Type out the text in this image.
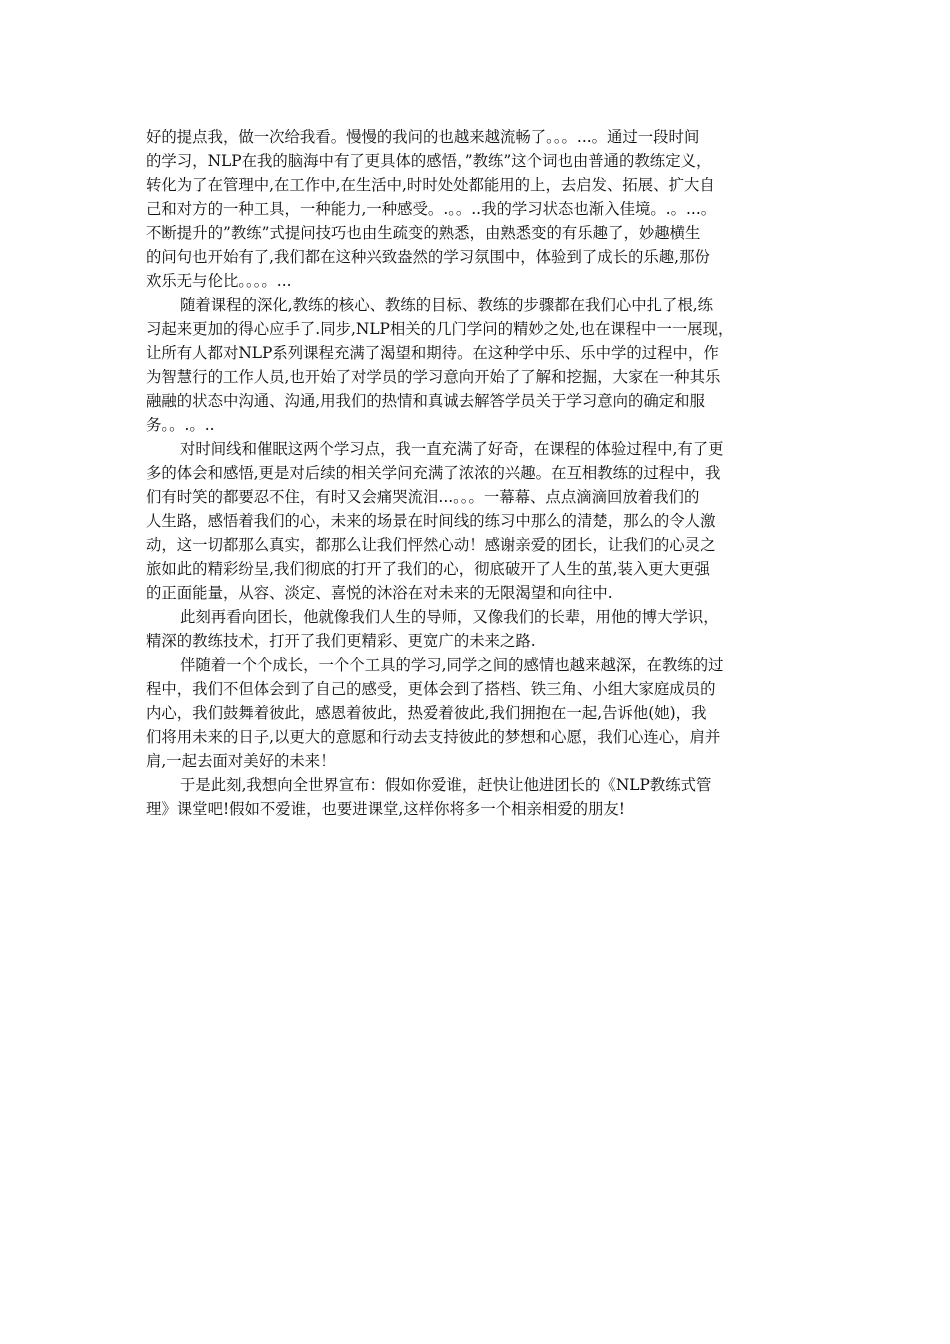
好的提点我，做一次给我看。慢慢的我问的也越来越流畅了。。。...。通过一段时间
的学习，NLP在我的脑海中有了更具体的感悟，”教练”这个词也由普通的教练定义，
转化为了在管理中,在工作中,在生活中,时时处处都能用的上，去启发、拓展、扩大自
己和对方的一种工具，一种能力,一种感受。.。。..我的学习状态也渐入佳境。.。...。
不断提升的”教练”式提问技巧也由生疏变的熟悉，由熟悉变的有乐趣了，妙趣横生
的问句也开始有了,我们都在这种兴致盎然的学习氛围中，体验到了成长的乐趣,那份
欢乐无与伦比。。。。...
随着课程的深化,教练的核心、教练的目标、教练的步骤都在我们心中扎了根,练
习起来更加的得心应手了.同步,NLP相关的几门学问的精妙之处,也在课程中一一展现，
让所有人都对NLP系列课程充满了渴望和期待。在这种学中乐、乐中学的过程中，作
为智慧行的工作人员,也开始了对学员的学习意向开始了了解和挖掘，大家在一种其乐
融融的状态中沟通、沟通,用我们的热情和真诚去解答学员关于学习意向的确定和服
务。。.。..
对时间线和催眠这两个学习点，我一直充满了好奇，在课程的体验过程中,有了更
多的体会和感悟,更是对后续的相关学问充满了浓浓的兴趣。在互相教练的过程中，我
们有时笑的都要忍不住，有时又会痛哭流泪...。。。一幕幕、点点滴滴回放着我们的
人生路，感悟着我们的心，未来的场景在时间线的练习中那么的清楚，那么的令人激
动，这一切都那么真实，都那么让我们怦然心动！感谢亲爱的团长，让我们的心灵之
旅如此的精彩纷呈,我们彻底的打开了我们的心，彻底破开了人生的茧,装入更大更强
的正面能量，从容、淡定、喜悦的沐浴在对未来的无限渴望和向往中.
此刻再看向团长，他就像我们人生的导师，又像我们的长辈，用他的博大学识，
精深的教练技术，打开了我们更精彩、更宽广的未来之路.
伴随着一个个成长，一个个工具的学习,同学之间的感情也越来越深，在教练的过
程中，我们不但体会到了自己的感受，更体会到了搭档、铁三角、小组大家庭成员的
内心，我们鼓舞着彼此，感恩着彼此，热爱着彼此,我们拥抱在一起,告诉他(她)，我
们将用未来的日子,以更大的意愿和行动去支持彼此的梦想和心愿，我们心连心，肩并
肩,一起去面对美好的未来！
于是此刻,我想向全世界宣布：假如你爱谁，赶快让他进团长的《NLP教练式管
理》课堂吧!假如不爱谁，也要进课堂,这样你将多一个相亲相爱的朋友!
